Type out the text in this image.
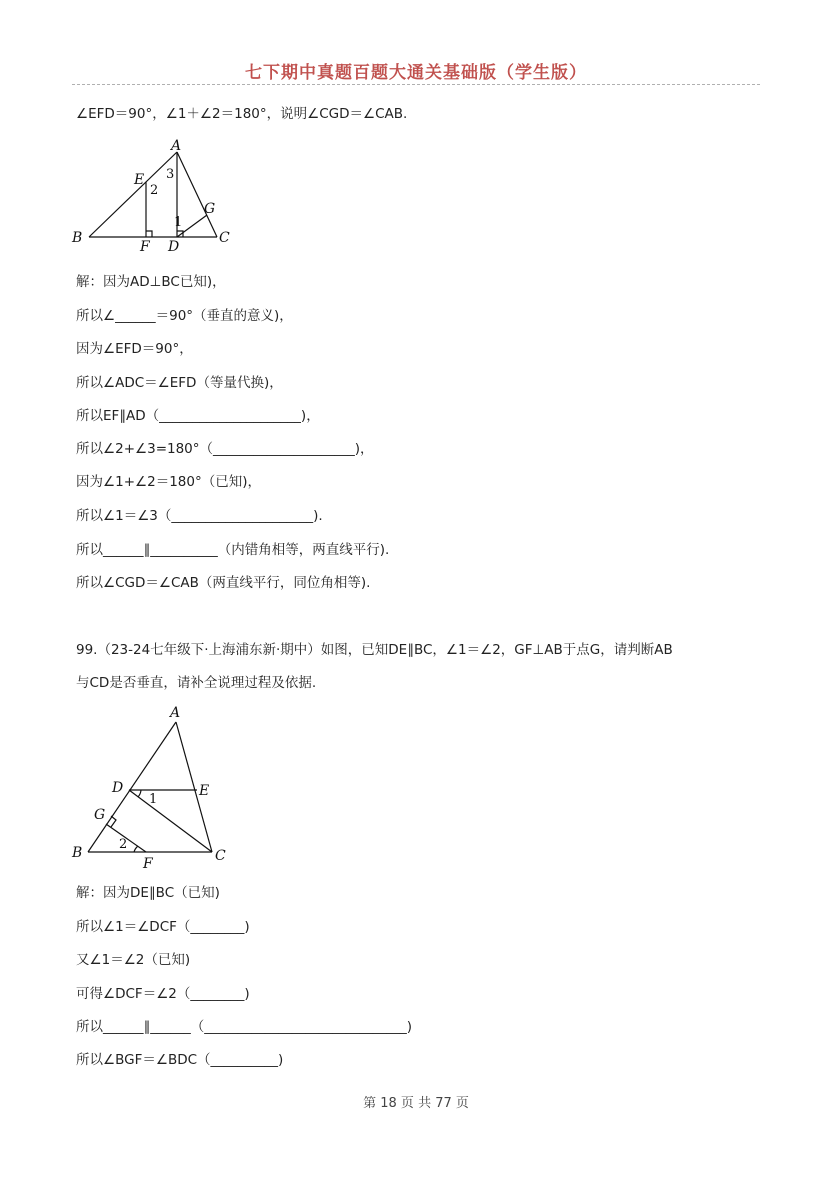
七下期中真题百题大通关基础版（学生版）
∠EFD＝90°，∠1＋∠2＝180°，说明∠CGD＝∠CAB.
A
B	C
D
E
F
G
1
2
3
解：因为AD⊥BC已知)，
所以∠______＝90°（垂直的意义)，
因为∠EFD＝90°，
所以∠ADC＝∠EFD（等量代换)，
所以EF∥AD（_____________________)，
所以∠2+∠3=180°（_____________________)，
因为∠1+∠2＝180°（已知)，
所以∠1＝∠3（_____________________).
所以______∥__________（内错角相等，两直线平行).
所以∠CGD＝∠CAB（两直线平行，同位角相等).
99.（23-24七年级下·上海浦东新·期中）如图，已知DE∥BC，∠1＝∠2，GF⊥AB于点G，请判断AB
与CD是否垂直，请补全说理过程及依据.
A
B	C
D	E
F
G
1
2
解：因为DE∥BC（已知)
所以∠1＝∠DCF（________)
又∠1＝∠2（已知)
可得∠DCF＝∠2（________)
所以______∥______（______________________________)
所以∠BGF＝∠BDC（__________)
第 18 页 共 77 页
